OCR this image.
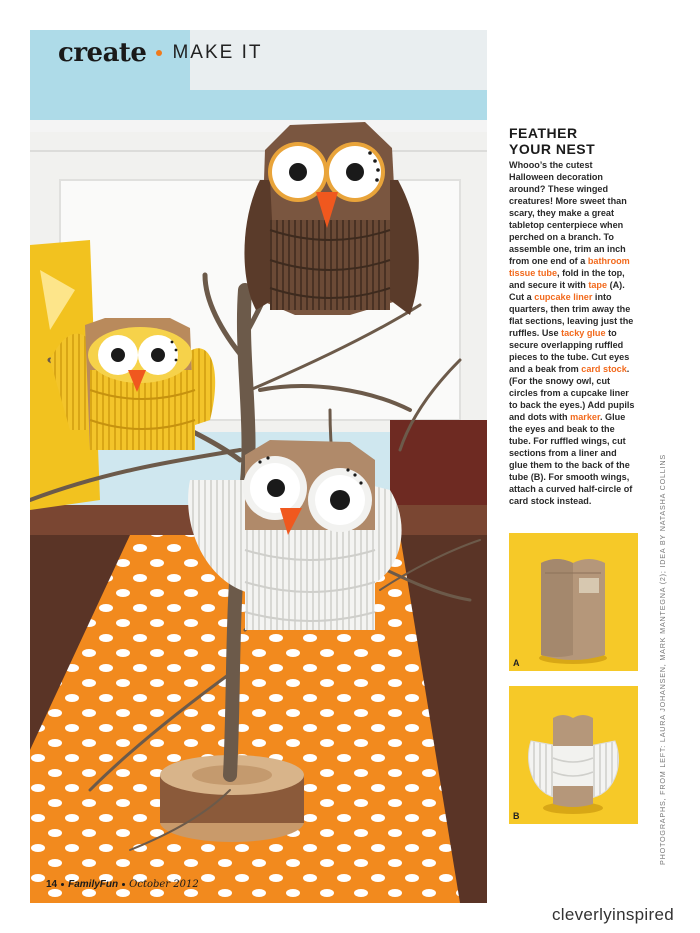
create MAKE IT
14 FamilyFun October 2012
FEATHER
YOUR NEST
Whooo’s the cutest Halloween decoration around? These winged creatures! More sweet than scary, they make a great tabletop centerpiece when perched on a branch. To assemble one, trim an inch from one end of a bathroom tissue tube, fold in the top, and secure it with tape (A). Cut a cupcake liner into quarters, then trim away the flat sections, leaving just the ruffles. Use tacky glue to secure overlapping ruffled pieces to the tube. Cut eyes and a beak from card stock. (For the snowy owl, cut circles from a cupcake liner to back the eyes.) Add pupils and dots with marker. Glue the eyes and beak to the tube. For ruffled wings, cut sections from a liner and glue them to the back of the tube (B). For smooth wings, attach a curved half-circle of card stock instead.
A
B	PHOTOGRAPHS, FROM LEFT: LAURA JOHANSEN, MARK MANTEGNA (2); IDEA BY NATASHA COLLINS
cleverlyinspired
